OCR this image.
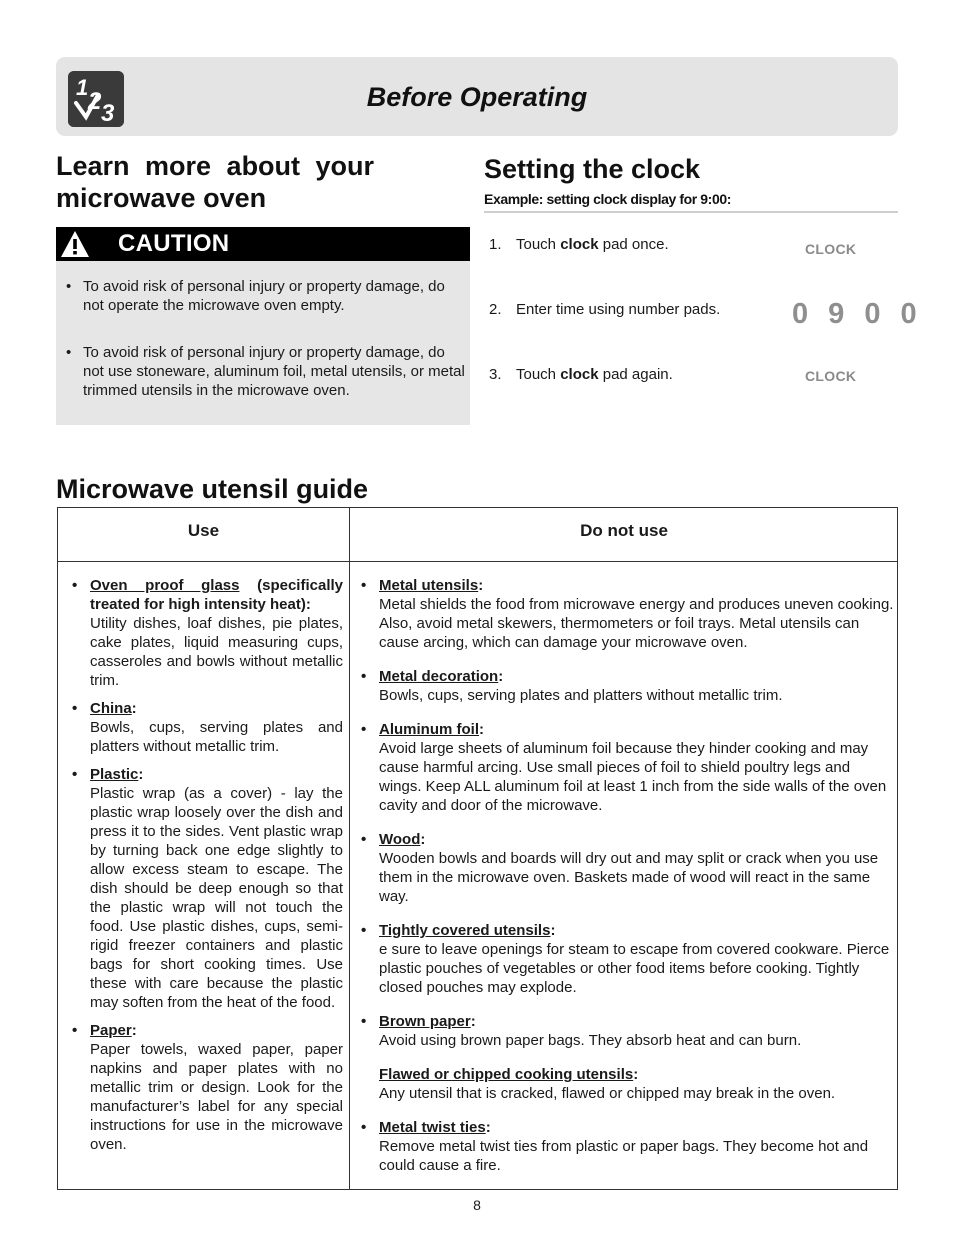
1
2 3
Before Operating
Learn more about your
microwave oven
CAUTION
• To avoid risk of personal injury or property damage, do not operate the microwave oven empty.
• To avoid risk of personal injury or property damage, do not use stoneware, aluminum foil, metal utensils, or metal trimmed utensils in the microwave oven.
Setting the clock
Example: setting clock display for 9:00:
1. Touch clock pad once.
2. Enter time using number pads.
3. Touch clock pad again.
CLOCK
0 9 0 0
CLOCK
Microwave utensil guide
Use	Do not use
• Oven proof glass (specifically treated for high intensity heat):
Utility dishes, loaf dishes, pie plates, cake plates, liquid measuring cups, casseroles and bowls without metallic trim.
• China:
Bowls, cups, serving plates and platters without metallic trim.
• Plastic:
Plastic wrap (as a cover) - lay the plastic wrap loosely over the dish and press it to the sides. Vent plastic wrap by turning back one edge slightly to allow excess steam to escape. The dish should be deep enough so that the plastic wrap will not touch the food. Use plastic dishes, cups, semi-rigid freezer containers and plastic bags for short cooking times. Use these with care because the plastic may soften from the heat of the food.
• Paper:
Paper towels, waxed paper, paper napkins and paper plates with no metallic trim or design. Look for the manufacturer’s label for any special instructions for use in the microwave oven.
• Metal utensils:
Metal shields the food from microwave energy and produces uneven cooking. Also, avoid metal skewers, thermometers or foil trays. Metal utensils can cause arcing, which can damage your microwave oven.
• Metal decoration:
Bowls, cups, serving plates and platters without metallic trim.
• Aluminum foil:
Avoid large sheets of aluminum foil because they hinder cooking and may cause harmful arcing. Use small pieces of foil to shield poultry legs and wings. Keep ALL aluminum foil at least 1 inch from the side walls of the oven cavity and door of the microwave.
• Wood:
Wooden bowls and boards will dry out and may split or crack when you use them in the microwave oven. Baskets made of wood will react in the same way.
• Tightly covered utensils:
e sure to leave openings for steam to escape from covered cookware. Pierce plastic pouches of vegetables or other food items before cooking. Tightly closed pouches may explode.
• Brown paper:
Avoid using brown paper bags. They absorb heat and can burn.
Flawed or chipped cooking utensils:
Any utensil that is cracked, flawed or chipped may break in the oven.
• Metal twist ties:
Remove metal twist ties from plastic or paper bags. They become hot and could cause a fire.
8
